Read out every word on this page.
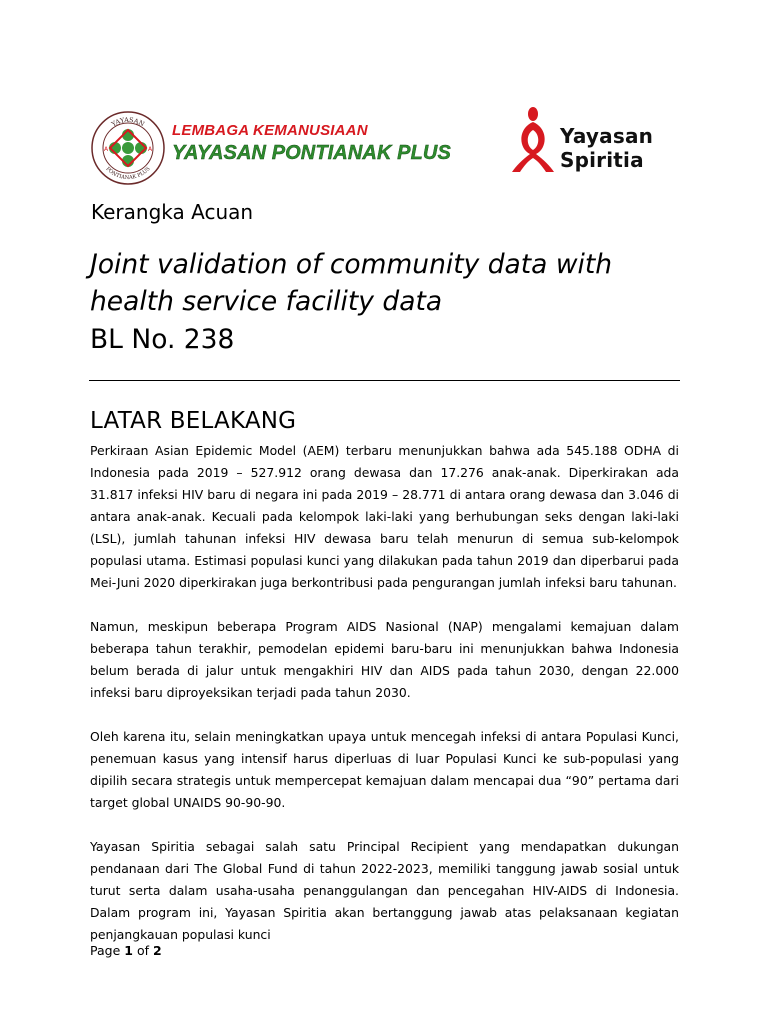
YAYASAN
PONTIANAK PLUS
A	A
LEMBAGA KEMANUSIAAN
YAYASAN PONTIANAK PLUS
Yayasan Spiritia
Kerangka Acuan
Joint validation of community data with health service facility data
BL No. 238
LATAR BELAKANG

Perkiraan Asian Epidemic Model (AEM) terbaru menunjukkan bahwa ada 545.188 ODHA di Indonesia pada 2019 – 527.912 orang dewasa dan 17.276 anak-anak. Diperkirakan ada 31.817 infeksi HIV baru di negara ini pada 2019 – 28.771 di antara orang dewasa dan 3.046 di antara anak-anak. Kecuali pada kelompok laki-laki yang berhubungan seks dengan laki-laki (LSL), jumlah tahunan infeksi HIV dewasa baru telah menurun di semua sub-kelompok populasi utama. Estimasi populasi kunci yang dilakukan pada tahun 2019 dan diperbarui pada Mei-Juni 2020 diperkirakan juga berkontribusi pada pengurangan jumlah infeksi baru tahunan.

Namun, meskipun beberapa Program AIDS Nasional (NAP) mengalami kemajuan dalam beberapa tahun terakhir, pemodelan epidemi baru-baru ini menunjukkan bahwa Indonesia belum berada di jalur untuk mengakhiri HIV dan AIDS pada tahun 2030, dengan 22.000 infeksi baru diproyeksikan terjadi pada tahun 2030.

Oleh karena itu, selain meningkatkan upaya untuk mencegah infeksi di antara Populasi Kunci, penemuan kasus yang intensif harus diperluas di luar Populasi Kunci ke sub-populasi yang dipilih secara strategis untuk mempercepat kemajuan dalam mencapai dua “90” pertama dari target global UNAIDS 90-90-90.

Yayasan Spiritia sebagai salah satu Principal Recipient yang mendapatkan dukungan pendanaan dari The Global Fund di tahun 2022-2023, memiliki tanggung jawab sosial untuk turut serta dalam usaha-usaha penanggulangan dan pencegahan HIV-AIDS di Indonesia. Dalam program ini, Yayasan Spiritia akan bertanggung jawab atas pelaksanaan kegiatan penjangkauan populasi kunci

Page 1 of 2
